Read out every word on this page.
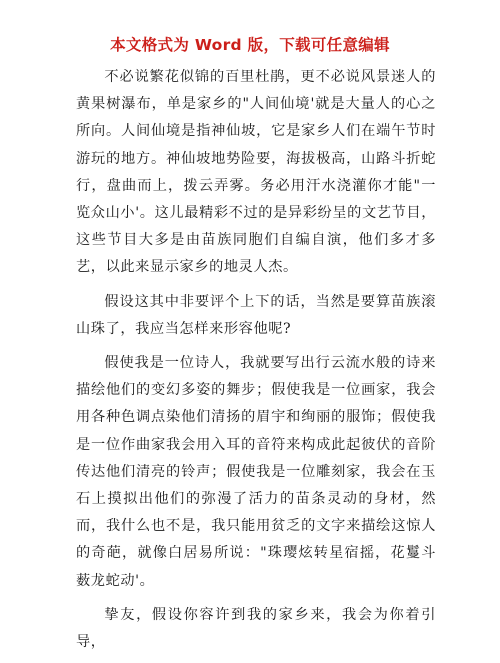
本文格式为 Word 版，下载可任意编辑

不必说繁花似锦的百里杜鹃，更不必说风景迷人的黄果树瀑布，单是家乡的"人间仙境'就是大量人的心之所向。人间仙境是指神仙坡，它是家乡人们在端午节时游玩的地方。神仙坡地势险要，海拔极高，山路斗折蛇行，盘曲而上，拨云弄雾。务必用汗水浇灌你才能"一览众山小'。这儿最精彩不过的是异彩纷呈的文艺节目，这些节目大多是由苗族同胞们自编自演，他们多才多艺，以此来显示家乡的地灵人杰。

假设这其中非要评个上下的话，当然是要算苗族滚山珠了，我应当怎样来形容他呢?

假使我是一位诗人，我就要写出行云流水般的诗来描绘他们的变幻多姿的舞步；假使我是一位画家，我会用各种色调点染他们清扬的眉宇和绚丽的服饰；假使我是一位作曲家我会用入耳的音符来构成此起彼伏的音阶传达他们清亮的铃声；假使我是一位雕刻家，我会在玉石上摸拟出他们的弥漫了活力的苗条灵动的身材，然而，我什么也不是，我只能用贫乏的文字来描绘这惊人的奇葩，就像白居易所说："珠璎炫转星宿摇，花鬘斗薮龙蛇动'。

挚友，假设你容许到我的家乡来，我会为你着引导，
